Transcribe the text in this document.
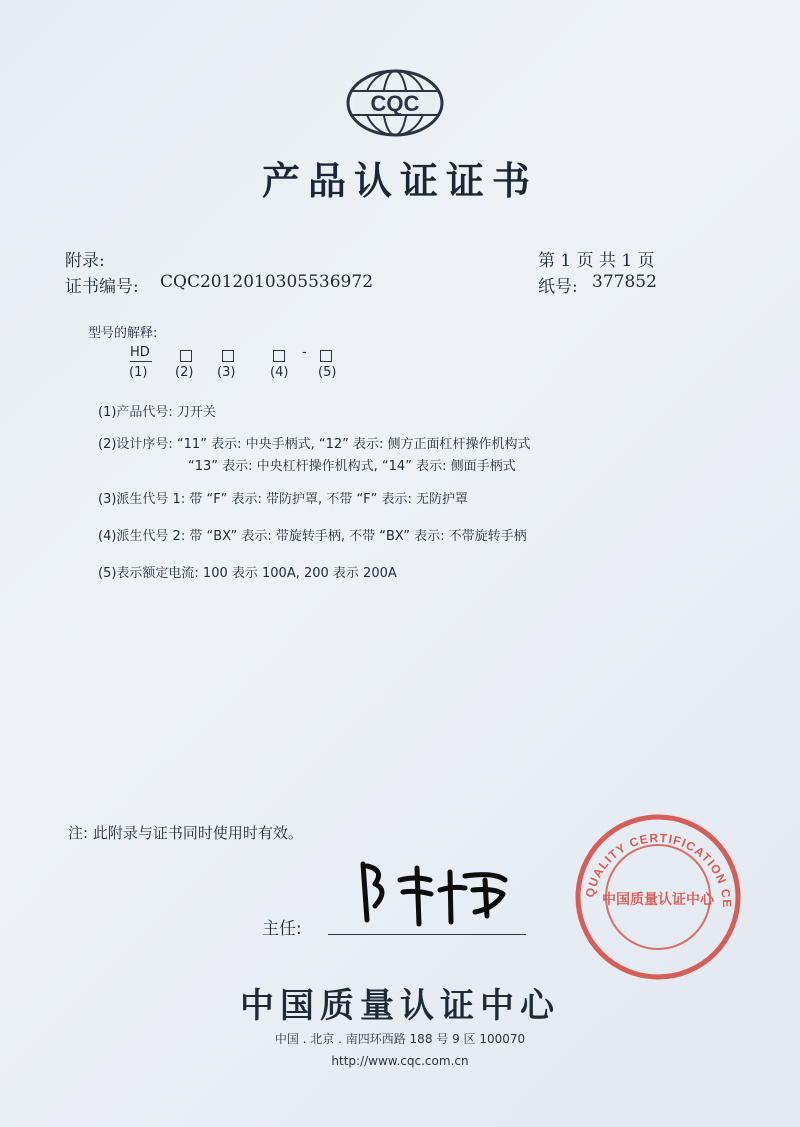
CQC
产品认证证书
附录:	第 1 页 共 1 页
证书编号: CQC2012010305536972	纸号: 377852
型号的解释:
HD	-
(1) (2) (3)	(4) (5)
(1)产品代号: 刀开关
(2)设计序号: “11” 表示: 中央手柄式, “12” 表示: 侧方正面杠杆操作机构式
“13” 表示: 中央杠杆操作机构式, “14” 表示: 侧面手柄式
(3)派生代号 1: 带 “F” 表示: 带防护罩, 不带 “F” 表示: 无防护罩
(4)派生代号 2: 带 “BX” 表示: 带旋转手柄, 不带 “BX” 表示: 不带旋转手柄
(5)表示额定电流: 100 表示 100A, 200 表示 200A
注: 此附录与证书同时使用时有效。
主任:
QUALITY CERTIFICATION CE
中国质量认证中心
中国质量认证中心
中国 . 北京 . 南四环西路 188 号 9 区 100070
http://www.cqc.com.cn
